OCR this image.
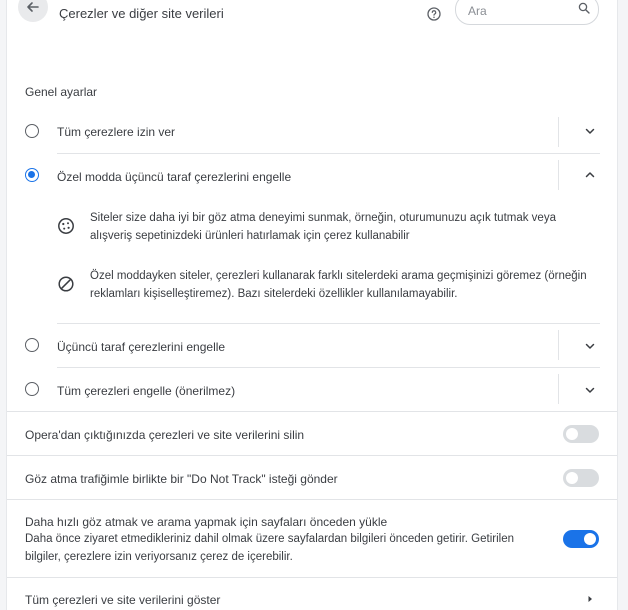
Çerezler ve diğer site verileri
Ara
Genel ayarlar
Tüm çerezlere izin ver
Özel modda üçüncü taraf çerezlerini engelle
Siteler size daha iyi bir göz atma deneyimi sunmak, örneğin, oturumunuzu açık tutmak veya alışveriş sepetinizdeki ürünleri hatırlamak için çerez kullanabilir
Özel moddayken siteler, çerezleri kullanarak farklı sitelerdeki arama geçmişinizi göremez (örneğin reklamları kişiselleştiremez). Bazı sitelerdeki özellikler kullanılamayabilir.
Üçüncü taraf çerezlerini engelle
Tüm çerezleri engelle (önerilmez)
Opera'dan çıktığınızda çerezleri ve site verilerini silin
Göz atma trafiğimle birlikte bir "Do Not Track" isteği gönder
Daha hızlı göz atmak ve arama yapmak için sayfaları önceden yükle
Daha önce ziyaret etmedikleriniz dahil olmak üzere sayfalardan bilgileri önceden getirir. Getirilen bilgiler, çerezlere izin veriyorsanız çerez de içerebilir.
Tüm çerezleri ve site verilerini göster
